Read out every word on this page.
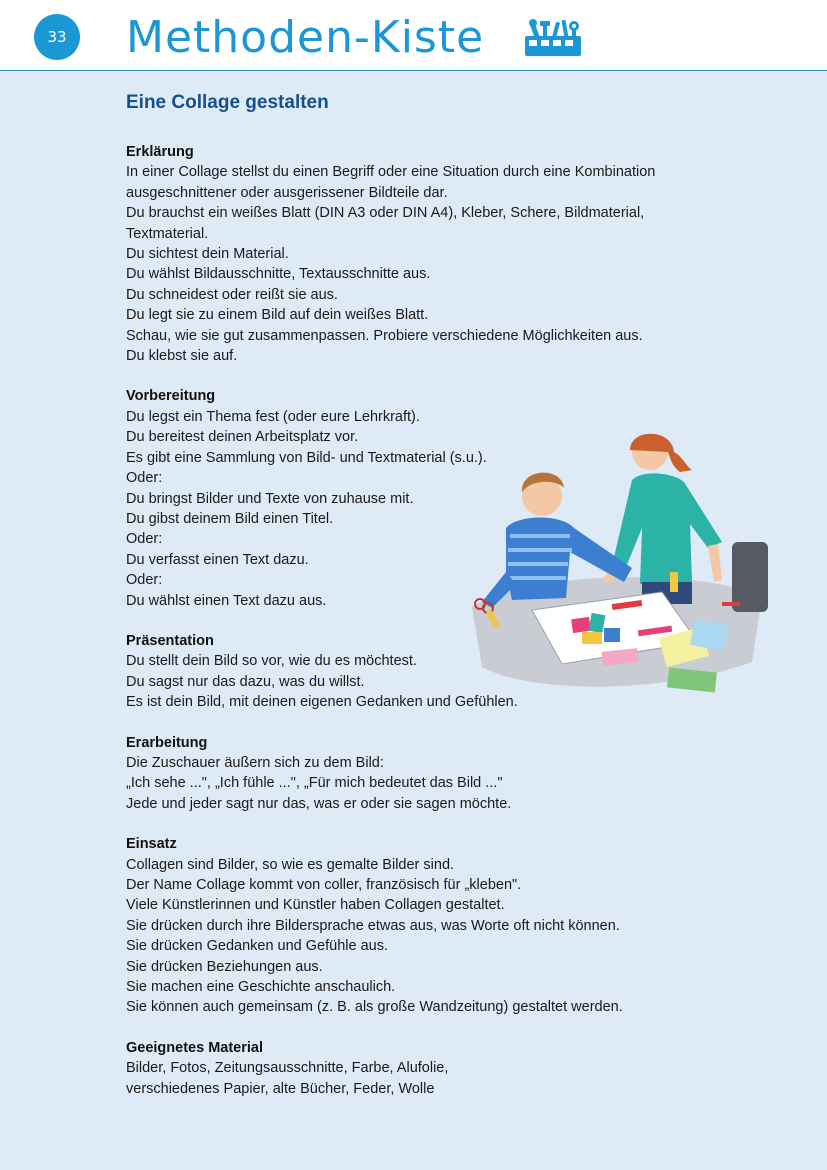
33 Methoden-Kiste
Eine Collage gestalten
Erklärung
In einer Collage stellst du einen Begriff oder eine Situation durch eine Kombination
ausgeschnittener oder ausgerissener Bildteile dar.
Du brauchst ein weißes Blatt (DIN A3 oder DIN A4), Kleber, Schere, Bildmaterial,
Textmaterial.
Du sichtest dein Material.
Du wählst Bildausschnitte, Textausschnitte aus.
Du schneidest oder reißt sie aus.
Du legt sie zu einem Bild auf dein weißes Blatt.
Schau, wie sie gut zusammenpassen. Probiere verschiedene Möglichkeiten aus.
Du klebst sie auf.
Vorbereitung
Du legst ein Thema fest (oder eure Lehrkraft).
Du bereitest deinen Arbeitsplatz vor.
Es gibt eine Sammlung von Bild- und Textmaterial (s.u.).
Oder:
Du bringst Bilder und Texte von zuhause mit.
Du gibst deinem Bild einen Titel.
Oder:
Du verfasst einen Text dazu.
Oder:
Du wählst einen Text dazu aus.
Präsentation
Du stellt dein Bild so vor, wie du es möchtest.
Du sagst nur das dazu, was du willst.
Es ist dein Bild, mit deinen eigenen Gedanken und Gefühlen.
Erarbeitung
Die Zuschauer äußern sich zu dem Bild:
„Ich sehe ...", „Ich fühle ...", „Für mich bedeutet das Bild ..."
Jede und jeder sagt nur das, was er oder sie sagen möchte.
Einsatz
Collagen sind Bilder, so wie es gemalte Bilder sind.
Der Name Collage kommt von coller, französisch für „kleben".
Viele Künstlerinnen und Künstler haben Collagen gestaltet.
Sie drücken durch ihre Bildersprache etwas aus, was Worte oft nicht können.
Sie drücken Gedanken und Gefühle aus.
Sie drücken Beziehungen aus.
Sie machen eine Geschichte anschaulich.
Sie können auch gemeinsam (z. B. als große Wandzeitung) gestaltet werden.
Geeignetes Material
Bilder, Fotos, Zeitungsausschnitte, Farbe, Alufolie,
verschiedenes Papier, alte Bücher, Feder, Wolle
